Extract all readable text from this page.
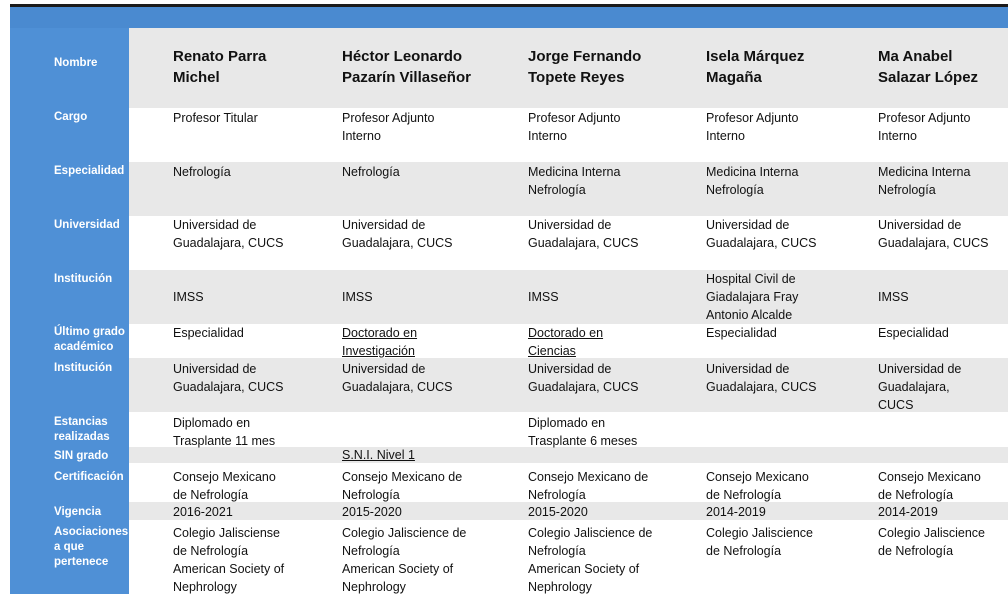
Nombre
Cargo
Especialidad
Universidad
Institución
Último grado académico
Institución
Estancias realizadas
SIN grado
Certificación
Vigencia
Asociaciones a que pertenece
Renato Parra
Michel
Profesor Titular
Nefrología
Universidad de
Guadalajara, CUCS
IMSS
Especialidad
Universidad de
Guadalajara, CUCS
Diplomado en
Trasplante 11 mes
Consejo Mexicano
de Nefrología
2016-2021
Colegio Jalisciense
de Nefrología
American Society of
Nephrology
Héctor Leonardo
Pazarín Villaseñor
Profesor Adjunto
Interno
Nefrología
Universidad de
Guadalajara, CUCS
IMSS
Doctorado en
Investigación
Universidad de
Guadalajara, CUCS
S.N.I. Nivel 1
Consejo Mexicano de
Nefrología
2015-2020
Colegio Jaliscience de
Nefrología
American Society of
Nephrology
Jorge Fernando
Topete Reyes
Profesor Adjunto
Interno
Medicina Interna
Nefrología
Universidad de
Guadalajara, CUCS
IMSS
Doctorado en
Ciencias
Universidad de
Guadalajara, CUCS
Diplomado en
Trasplante 6 meses
Consejo Mexicano de
Nefrología
2015-2020
Colegio Jaliscience de
Nefrología
American Society of
Nephrology
Isela Márquez
Magaña
Profesor Adjunto
Interno
Medicina Interna
Nefrología
Universidad de
Guadalajara, CUCS
Hospital Civil de
Giadalajara Fray
Antonio Alcalde
Especialidad
Universidad de
Guadalajara, CUCS
Consejo Mexicano
de Nefrología
2014-2019
Colegio Jaliscience
de Nefrología
Ma Anabel
Salazar López
Profesor Adjunto
Interno
Medicina Interna
Nefrología
Universidad de
Guadalajara, CUCS
IMSS
Especialidad
Universidad de
Guadalajara,
CUCS
Consejo Mexicano
de Nefrología
2014-2019
Colegio Jaliscience
de Nefrología
